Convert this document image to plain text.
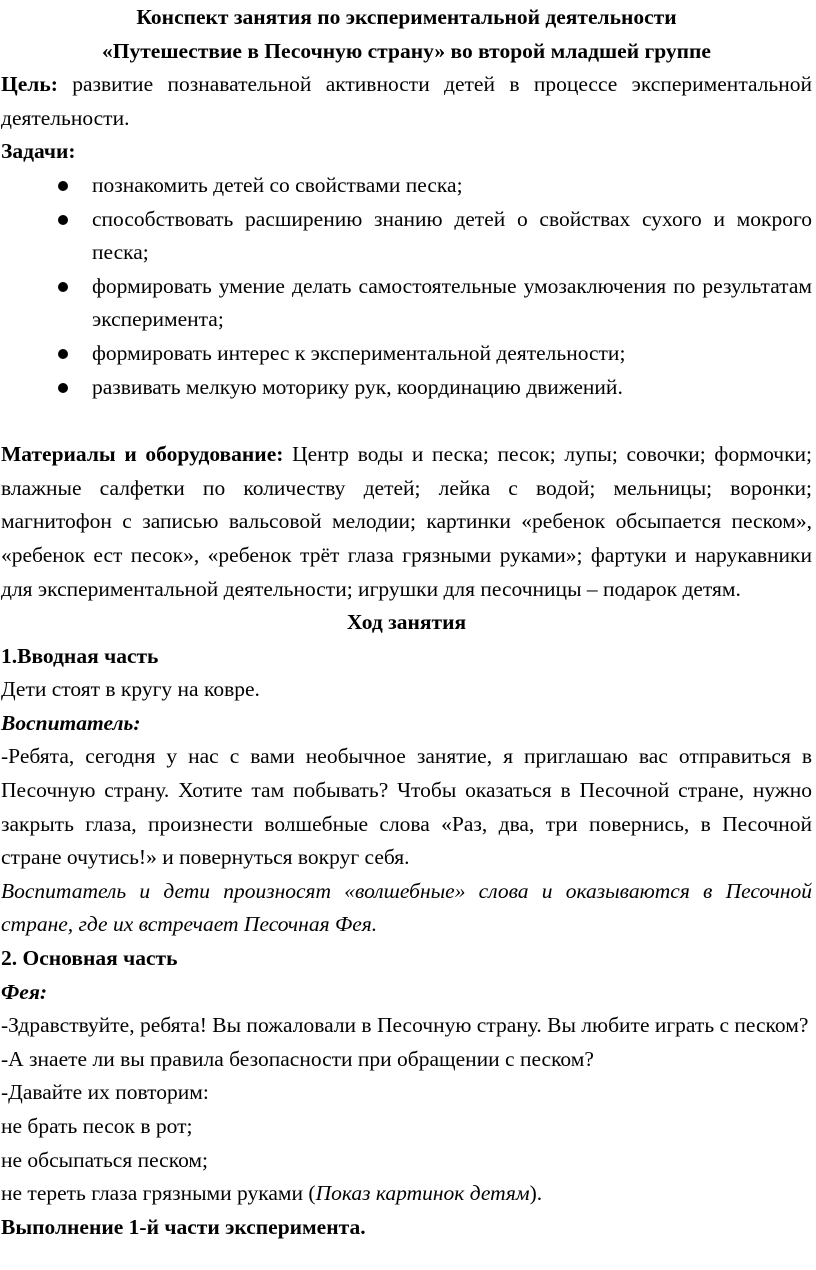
Конспект занятия по экспериментальной деятельности

«Путешествие в Песочную страну» во второй младшей группе

Цель: развитие познавательной активности детей в процессе экспериментальной деятельности.

Задачи:

познакомить детей со свойствами песка;
способствовать расширению знанию детей о свойствах сухого и мокрого песка;
формировать умение делать самостоятельные умозаключения по результатам эксперимента;
формировать интерес к экспериментальной деятельности;
развивать мелкую моторику рук, координацию движений.

Материалы и оборудование: Центр воды и песка; песок; лупы; совочки; формочки; влажные салфетки по количеству детей; лейка с водой; мельницы; воронки; магнитофон с записью вальсовой мелодии; картинки «ребенок обсыпается песком», «ребенок ест песок», «ребенок трёт глаза грязными руками»; фартуки и нарукавники для экспериментальной деятельности; игрушки для песочницы – подарок детям.

Ход занятия

1.Вводная часть

Дети стоят в кругу на ковре.

Воспитатель:

-Ребята, сегодня у нас с вами необычное занятие, я приглашаю вас отправиться в Песочную страну. Хотите там побывать? Чтобы оказаться в Песочной стране, нужно закрыть глаза, произнести волшебные слова «Раз, два, три повернись, в Песочной стране очутись!» и повернуться вокруг себя.

Воспитатель и дети произносят «волшебные» слова и оказываются в Песочной стране, где их встречает Песочная Фея.

2. Основная часть

Фея:

-Здравствуйте, ребята! Вы пожаловали в Песочную страну. Вы любите играть с песком?

-А знаете ли вы правила безопасности при обращении с песком?

-Давайте их повторим:

не брать песок в рот;

не обсыпаться песком;

не тереть глаза грязными руками (Показ картинок детям).

Выполнение 1-й части эксперимента.
